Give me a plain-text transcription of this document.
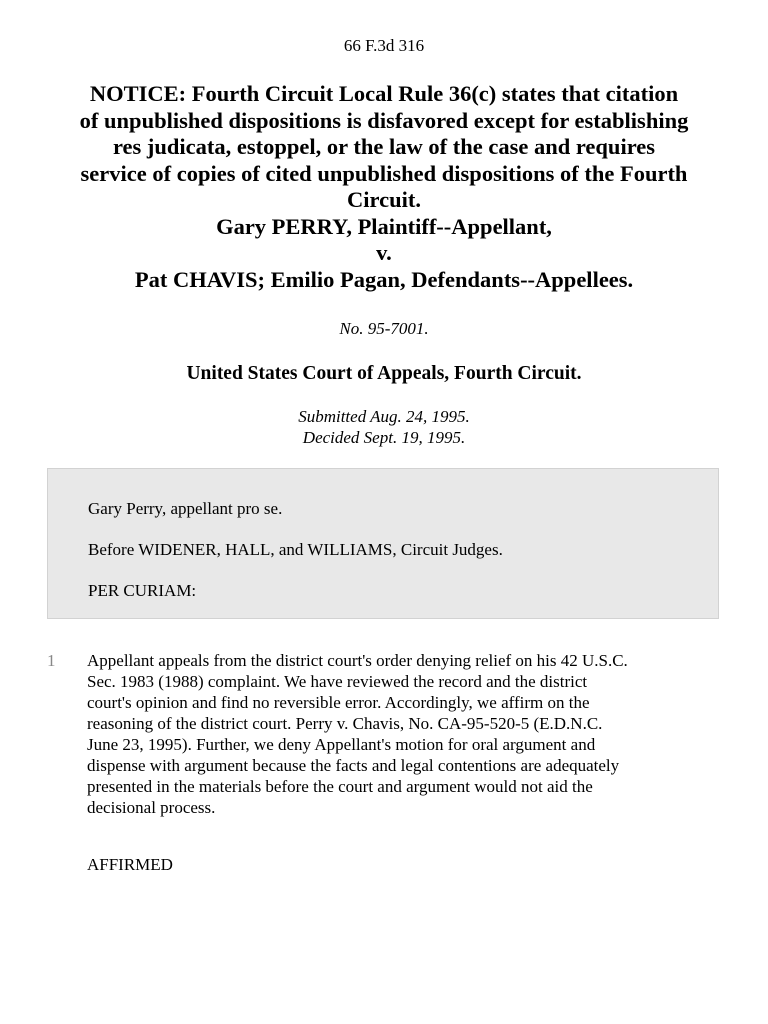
66 F.3d 316
NOTICE: Fourth Circuit Local Rule 36(c) states that citation
of unpublished dispositions is disfavored except for establishing
res judicata, estoppel, or the law of the case and requires
service of copies of cited unpublished dispositions of the Fourth
Circuit.
Gary PERRY, Plaintiff--Appellant,
v.
Pat CHAVIS; Emilio Pagan, Defendants--Appellees.
No. 95-7001.
United States Court of Appeals, Fourth Circuit.
Submitted Aug. 24, 1995.
Decided Sept. 19, 1995.

Gary Perry, appellant pro se.

Before WIDENER, HALL, and WILLIAMS, Circuit Judges.

PER CURIAM:

1 Appellant appeals from the district court's order denying relief on his 42 U.S.C.
Sec. 1983 (1988) complaint. We have reviewed the record and the district
court's opinion and find no reversible error. Accordingly, we affirm on the
reasoning of the district court. Perry v. Chavis, No. CA-95-520-5 (E.D.N.C.
June 23, 1995). Further, we deny Appellant's motion for oral argument and
dispense with argument because the facts and legal contentions are adequately
presented in the materials before the court and argument would not aid the
decisional process.
AFFIRMED
